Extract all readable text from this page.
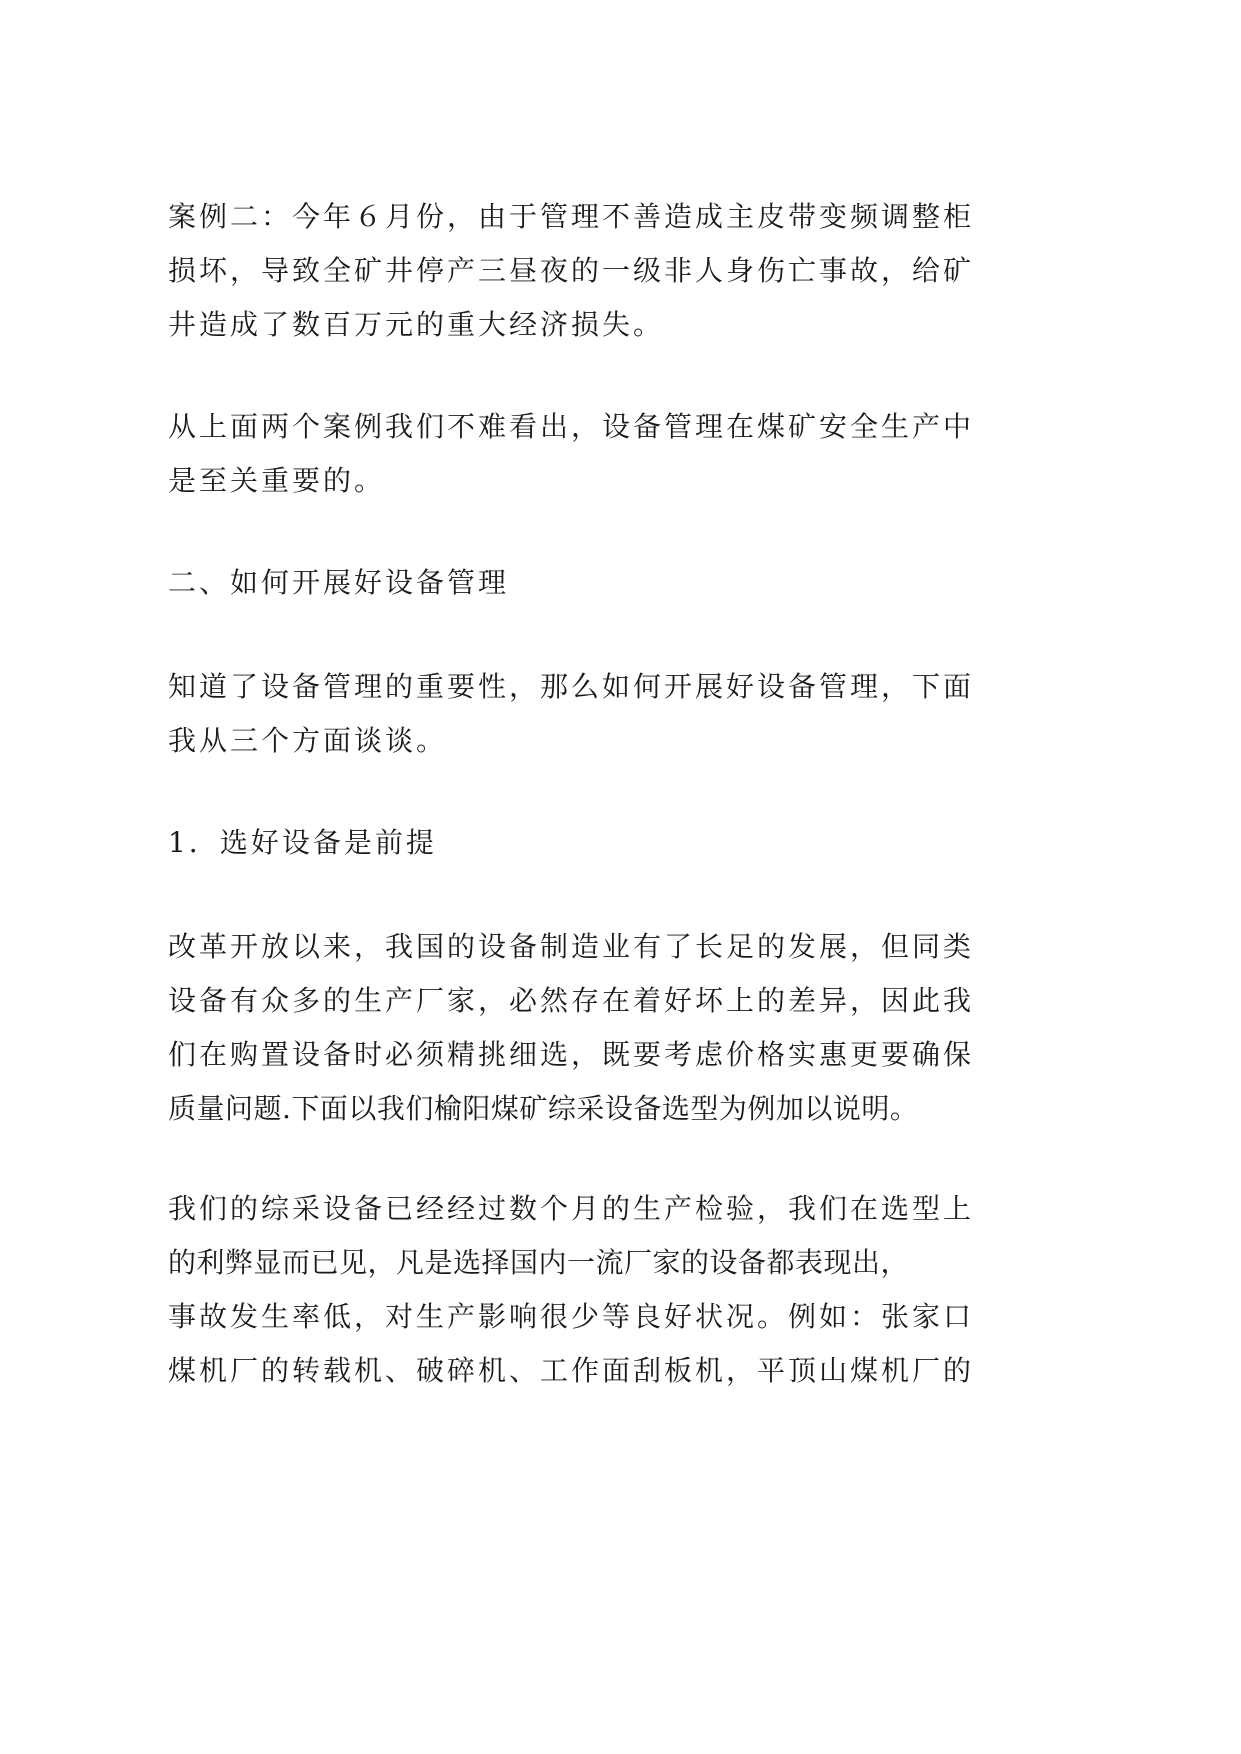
案例二：今年６月份，由于管理不善造成主皮带变频调整柜
损坏，导致全矿井停产三昼夜的一级非人身伤亡事故，给矿
井造成了数百万元的重大经济损失。

从上面两个案例我们不难看出，设备管理在煤矿安全生产中
是至关重要的。

二、如何开展好设备管理

知道了设备管理的重要性，那么如何开展好设备管理，下面
我从三个方面谈谈。

1．选好设备是前提

改革开放以来，我国的设备制造业有了长足的发展，但同类
设备有众多的生产厂家，必然存在着好坏上的差异，因此我
们在购置设备时必须精挑细选，既要考虑价格实惠更要确保
质量问题.下面以我们榆阳煤矿综采设备选型为例加以说明。

我们的综采设备已经经过数个月的生产检验，我们在选型上
的利弊显而已见，凡是选择国内一流厂家的设备都表现出，
事故发生率低，对生产影响很少等良好状况。例如：张家口
煤机厂的转载机、破碎机、工作面刮板机，平顶山煤机厂的
